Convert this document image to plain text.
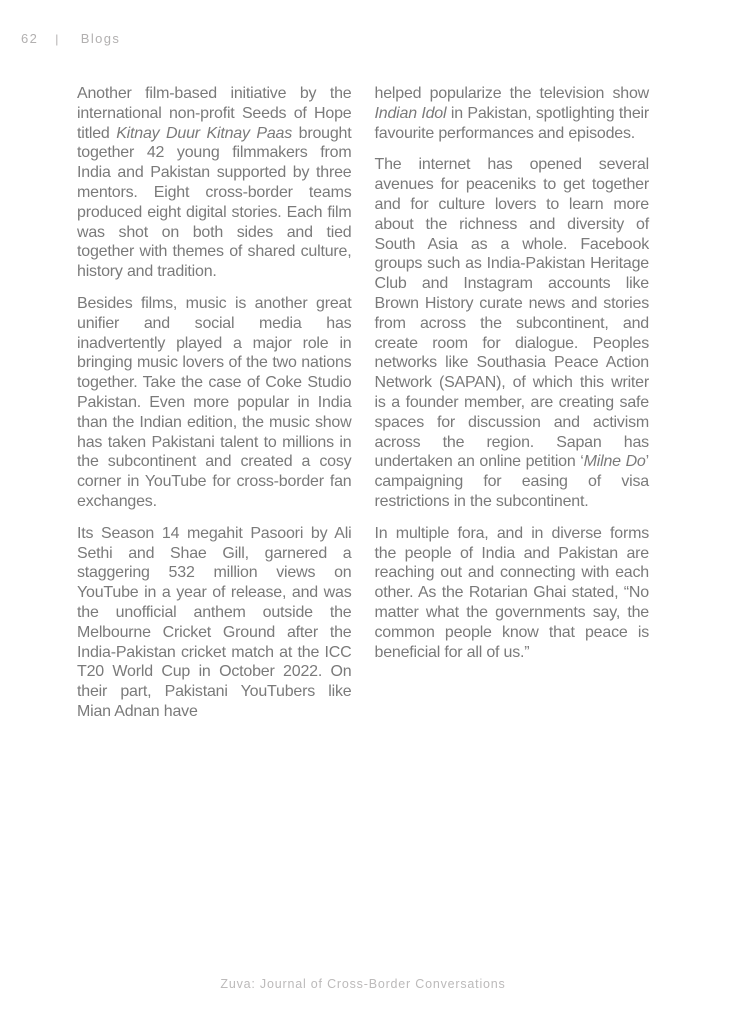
62 | Blogs

Another film-based initiative by the international non-profit Seeds of Hope titled Kitnay Duur Kitnay Paas brought together 42 young filmmakers from India and Pakistan supported by three mentors. Eight cross-border teams produced eight digital stories. Each film was shot on both sides and tied together with themes of shared culture, history and tradition.

Besides films, music is another great unifier and social media has inadvertently played a major role in bringing music lovers of the two nations together. Take the case of Coke Studio Pakistan. Even more popular in India than the Indian edition, the music show has taken Pakistani talent to millions in the subcontinent and created a cosy corner in YouTube for cross-border fan exchanges.

Its Season 14 megahit Pasoori by Ali Sethi and Shae Gill, garnered a staggering 532 million views on YouTube in a year of release, and was the unofficial anthem outside the Melbourne Cricket Ground after the India-Pakistan cricket match at the ICC T20 World Cup in October 2022. On their part, Pakistani YouTubers like Mian Adnan have

helped popularize the television show Indian Idol in Pakistan, spotlighting their favourite performances and episodes.

The internet has opened several avenues for peaceniks to get together and for culture lovers to learn more about the richness and diversity of South Asia as a whole. Facebook groups such as India-Pakistan Heritage Club and Instagram accounts like Brown History curate news and stories from across the subcontinent, and create room for dialogue. Peoples networks like Southasia Peace Action Network (SAPAN), of which this writer is a founder member, are creating safe spaces for discussion and activism across the region. Sapan has undertaken an online petition ‘Milne Do’ campaigning for easing of visa restrictions in the subcontinent.

In multiple fora, and in diverse forms the people of India and Pakistan are reaching out and connecting with each other. As the Rotarian Ghai stated, “No matter what the governments say, the common people know that peace is beneficial for all of us.”

Zuva: Journal of Cross-Border Conversations
